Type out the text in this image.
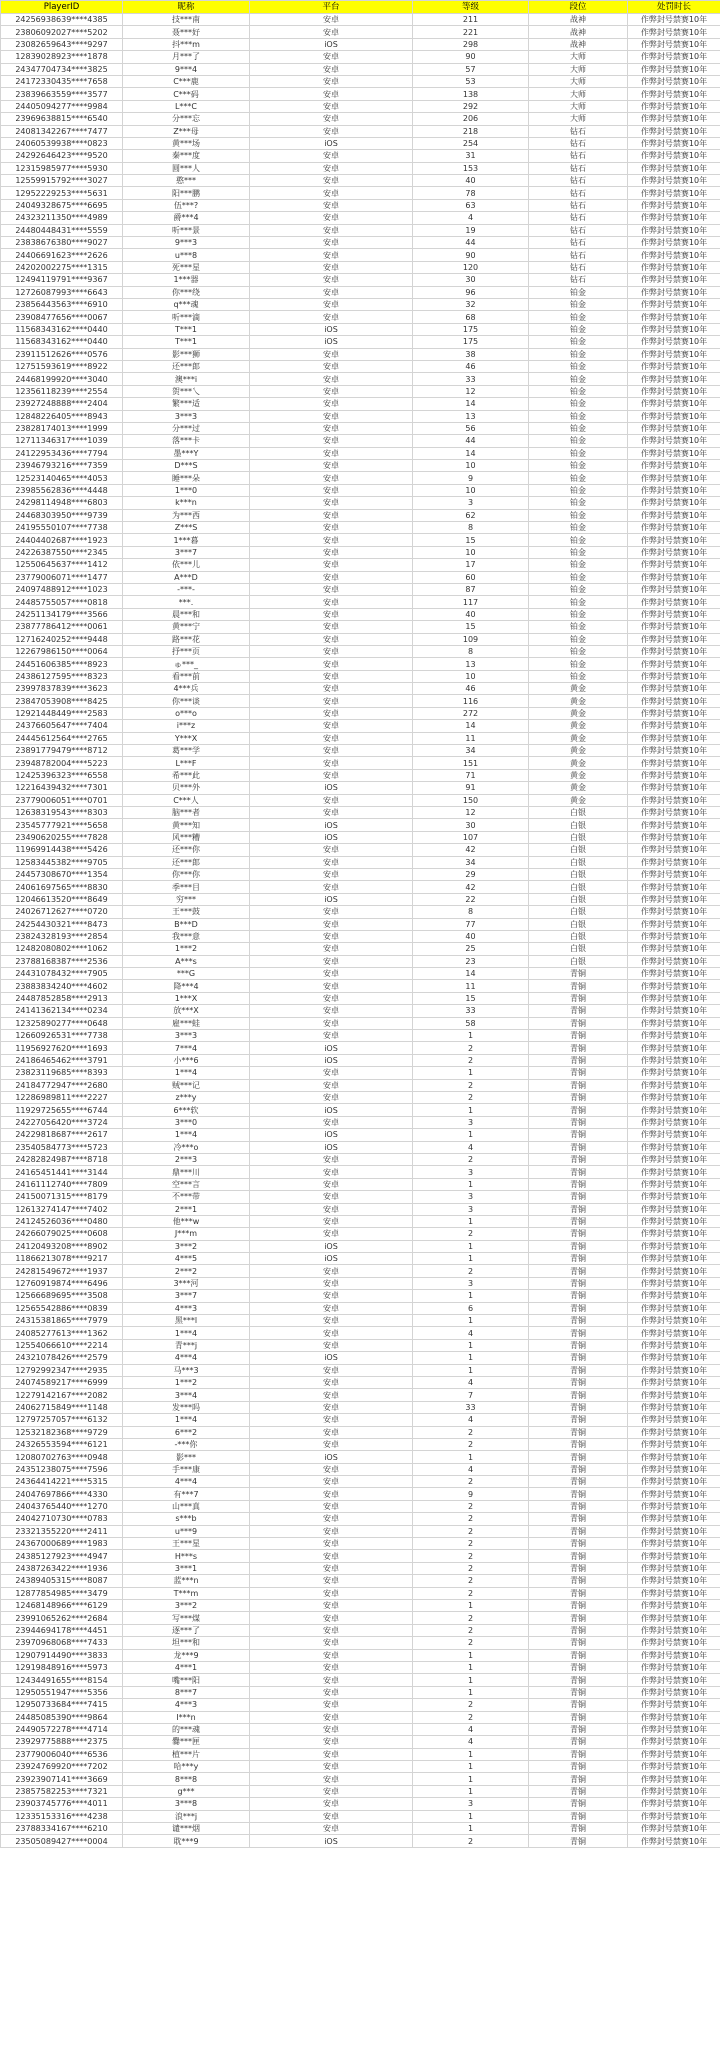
PlayerID	昵称	平台	等级	段位	处罚时长
24256938639****4385	技***南	安卓	211	战神	作弊封号禁赛10年
23806092027****5202	聂***好	安卓	221	战神	作弊封号禁赛10年
23082659643****9297	抖***m	iOS	298	战神	作弊封号禁赛10年
12839028923****1878	月***了	安卓	90	大师	作弊封号禁赛10年
24347704734****3825	9***4	安卓	57	大师	作弊封号禁赛10年
24172330435****7658	C***鹿	安卓	53	大师	作弊封号禁赛10年
23839663559****3577	C***码	安卓	138	大师	作弊封号禁赛10年
24405094277****9984	L***C	安卓	292	大师	作弊封号禁赛10年
23969638815****6540	分***忘	安卓	206	大师	作弊封号禁赛10年
24081342267****7477	Z***母	安卓	218	钻石	作弊封号禁赛10年
24060539938****0823	黄***场	iOS	254	钻石	作弊封号禁赛10年
24292646423****9520	秦***度	安卓	31	钻石	作弊封号禁赛10年
12315985977****5930	圆***人	安卓	153	钻石	作弊封号禁赛10年
12559915792****3027	憨***	安卓	40	钻石	作弊封号禁赛10年
12952229253****5631	阳***鹏	安卓	78	钻石	作弊封号禁赛10年
24049328675****6695	伍***?	安卓	63	钻石	作弊封号禁赛10年
24323211350****4989	爵***4	安卓	4	钻石	作弊封号禁赛10年
24480448431****5559	听***景	安卓	19	钻石	作弊封号禁赛10年
23838676380****9027	9***3	安卓	44	钻石	作弊封号禁赛10年
24406691623****2626	u***8	安卓	90	钻石	作弊封号禁赛10年
24202002275****1315	死***星	安卓	120	钻石	作弊封号禁赛10年
12494119791****9367	1***器	安卓	30	钻石	作弊封号禁赛10年
12726087993****6643	你***绕	安卓	96	铂金	作弊封号禁赛10年
23856443563****6910	q***魂	安卓	32	铂金	作弊封号禁赛10年
23908477656****0067	听***滴	安卓	68	铂金	作弊封号禁赛10年
11568343162****0440	T***1	iOS	175	铂金	作弊封号禁赛10年
11568343162****0440	T***1	iOS	175	铂金	作弊封号禁赛10年
23911512626****0576	影***狮	安卓	38	铂金	作弊封号禁赛10年
12751593619****8922	还***郎	安卓	46	铂金	作弊封号禁赛10年
24468199920****3040	澳***i	安卓	33	铂金	作弊封号禁赛10年
12356118239****2554	贺***乀	安卓	12	铂金	作弊封号禁赛10年
23927248888****2404	繁***适	安卓	14	铂金	作弊封号禁赛10年
12848226405****8943	3***3	安卓	13	铂金	作弊封号禁赛10年
23828174013****1999	分***过	安卓	56	铂金	作弊封号禁赛10年
12711346317****1039	落***卡	安卓	44	铂金	作弊封号禁赛10年
24122953436****7794	墨***Y	安卓	14	铂金	作弊封号禁赛10年
23946793216****7359	D***S	安卓	10	铂金	作弊封号禁赛10年
12523140465****4053	睡***朵	安卓	9	铂金	作弊封号禁赛10年
23985562836****4448	1***0	安卓	10	铂金	作弊封号禁赛10年
24298114948****6803	k***n	安卓	3	铂金	作弊封号禁赛10年
24468303950****9739	为***西	安卓	62	铂金	作弊封号禁赛10年
24195550107****7738	Z***S	安卓	8	铂金	作弊封号禁赛10年
24404402687****1923	1***暮	安卓	15	铂金	作弊封号禁赛10年
24226387550****2345	3***7	安卓	10	铂金	作弊封号禁赛10年
12550645637****1412	依***儿	安卓	17	铂金	作弊封号禁赛10年
23779006071****1477	A***D	安卓	60	铂金	作弊封号禁赛10年
24097488912****1023	-***-	安卓	87	铂金	作弊封号禁赛10年
24485755057****0818	***.	安卓	117	铂金	作弊封号禁赛10年
24251134179****3566	晨***和	安卓	40	铂金	作弊封号禁赛10年
23877786412****0061	黄***宁	安卓	15	铂金	作弊封号禁赛10年
12716240252****9448	路***花	安卓	109	铂金	作弊封号禁赛10年
12267986150****0064	抒***页	安卓	8	铂金	作弊封号禁赛10年
24451606385****8923	ゅ***_	安卓	13	铂金	作弊封号禁赛10年
24386127595****8323	看***前	安卓	10	铂金	作弊封号禁赛10年
23997837839****3623	4***兵	安卓	46	黄金	作弊封号禁赛10年
23847053908****8425	你***谈	安卓	116	黄金	作弊封号禁赛10年
12921448449****2583	o***o	安卓	272	黄金	作弊封号禁赛10年
24376605647****7404	i***z	安卓	14	黄金	作弊封号禁赛10年
24445612564****2765	Y***X	安卓	11	黄金	作弊封号禁赛10年
23891779479****8712	葛***学	安卓	34	黄金	作弊封号禁赛10年
23948782004****5223	L***F	安卓	151	黄金	作弊封号禁赛10年
12425396323****6558	希***此	安卓	71	黄金	作弊封号禁赛10年
12216439432****7301	贝***外	iOS	91	黄金	作弊封号禁赛10年
23779006051****0701	C***人	安卓	150	黄金	作弊封号禁赛10年
12638319543****8303	脑***者	安卓	12	白银	作弊封号禁赛10年
23545777921****5658	黄***知	iOS	30	白银	作弊封号禁赛10年
23490620255****7828	风***糟	iOS	107	白银	作弊封号禁赛10年
11969914438****5426	还***你	安卓	42	白银	作弊封号禁赛10年
12583445382****9705	还***郎	安卓	34	白银	作弊封号禁赛10年
24457308670****1354	你***你	安卓	29	白银	作弊封号禁赛10年
24061697565****8830	季***目	安卓	42	白银	作弊封号禁赛10年
12046613520****8649	穷***	iOS	22	白银	作弊封号禁赛10年
24026712627****0720	王***鼓	安卓	8	白银	作弊封号禁赛10年
24254430321****8473	B***D	安卓	77	白银	作弊封号禁赛10年
23824328193****2854	我***意	安卓	40	白银	作弊封号禁赛10年
12482080802****1062	1***2	安卓	25	白银	作弊封号禁赛10年
23788168387****2536	A***s	安卓	23	白银	作弊封号禁赛10年
24431078432****7905	***G	安卓	14	青铜	作弊封号禁赛10年
23883834240****4602	降***4	安卓	11	青铜	作弊封号禁赛10年
24487852858****2913	1***X	安卓	15	青铜	作弊封号禁赛10年
24141362134****0234	放***X	安卓	33	青铜	作弊封号禁赛10年
12325890277****0648	雇***蛙	安卓	58	青铜	作弊封号禁赛10年
12660926531****7738	3***3	安卓	1	青铜	作弊封号禁赛10年
11956927620****1693	7***4	iOS	2	青铜	作弊封号禁赛10年
24186465462****3791	小***6	iOS	2	青铜	作弊封号禁赛10年
23823119685****8393	1***4	安卓	1	青铜	作弊封号禁赛10年
24184772947****2680	贼***记	安卓	2	青铜	作弊封号禁赛10年
12286989811****2227	z***y	安卓	2	青铜	作弊封号禁赛10年
11929725655****6744	6***软	iOS	1	青铜	作弊封号禁赛10年
24227056420****3724	3***0	安卓	3	青铜	作弊封号禁赛10年
24229818687****2617	1***4	iOS	1	青铜	作弊封号禁赛10年
23540584773****5723	冷***o	iOS	4	青铜	作弊封号禁赛10年
24282824987****8718	2***3	安卓	2	青铜	作弊封号禁赛10年
24165451441****3144	鼎***川	安卓	3	青铜	作弊封号禁赛10年
24161112740****7809	空***言	安卓	1	青铜	作弊封号禁赛10年
24150071315****8179	不***带	安卓	3	青铜	作弊封号禁赛10年
12613274147****7402	2***1	安卓	3	青铜	作弊封号禁赛10年
24124526036****0480	他***w	安卓	1	青铜	作弊封号禁赛10年
24266079025****0608	J***m	安卓	2	青铜	作弊封号禁赛10年
24120493208****8902	3***2	iOS	1	青铜	作弊封号禁赛10年
11866213078****9217	4***5	iOS	1	青铜	作弊封号禁赛10年
24281549672****1937	2***2	安卓	2	青铜	作弊封号禁赛10年
12760919874****6496	3***河	安卓	3	青铜	作弊封号禁赛10年
12566689695****3508	3***7	安卓	1	青铜	作弊封号禁赛10年
12565542886****0839	4***3	安卓	6	青铜	作弊封号禁赛10年
24315381865****7979	黑***l	安卓	1	青铜	作弊封号禁赛10年
24085277613****1362	1***4	安卓	4	青铜	作弊封号禁赛10年
12554066610****2214	青***j	安卓	1	青铜	作弊封号禁赛10年
24321078426****2579	4***4	iOS	1	青铜	作弊封号禁赛10年
12792992347****2935	马***3	安卓	1	青铜	作弊封号禁赛10年
24074589217****6999	1***2	安卓	4	青铜	作弊封号禁赛10年
12279142167****2082	3***4	安卓	7	青铜	作弊封号禁赛10年
24062715849****1148	发***吗	安卓	33	青铜	作弊封号禁赛10年
12797257057****6132	1***4	安卓	4	青铜	作弊封号禁赛10年
12532182368****9729	6***2	安卓	2	青铜	作弊封号禁赛10年
24326553594****6121	-***你	安卓	2	青铜	作弊封号禁赛10年
12080702763****0948	影***	iOS	1	青铜	作弊封号禁赛10年
24351238075****7596	手***康	安卓	4	青铜	作弊封号禁赛10年
24364414221****5315	4***4	安卓	2	青铜	作弊封号禁赛10年
24047697866****4330	有***7	安卓	9	青铜	作弊封号禁赛10年
24043765440****1270	山***真	安卓	2	青铜	作弊封号禁赛10年
24042710730****0783	s***b	安卓	2	青铜	作弊封号禁赛10年
23321355220****2411	u***9	安卓	2	青铜	作弊封号禁赛10年
24367000689****1983	王***星	安卓	2	青铜	作弊封号禁赛10年
24385127923****4947	H***s	安卓	2	青铜	作弊封号禁赛10年
24387263422****1936	3***1	安卓	2	青铜	作弊封号禁赛10年
24389405315****8087	蓝***n	安卓	2	青铜	作弊封号禁赛10年
12877854985****3479	T***m	安卓	2	青铜	作弊封号禁赛10年
12468148966****6129	3***2	安卓	1	青铜	作弊封号禁赛10年
23991065262****2684	写***煤	安卓	2	青铜	作弊封号禁赛10年
23944694178****4451	逐***了	安卓	2	青铜	作弊封号禁赛10年
23970968068****7433	坦***和	安卓	2	青铜	作弊封号禁赛10年
12907914490****3833	龙***9	安卓	1	青铜	作弊封号禁赛10年
12919848916****5973	4***1	安卓	1	青铜	作弊封号禁赛10年
12434491655****8154	嘴***阳	安卓	1	青铜	作弊封号禁赛10年
12950551947****5356	8***7	安卓	1	青铜	作弊封号禁赛10年
12950733684****7415	4***3	安卓	2	青铜	作弊封号禁赛10年
24485085390****9864	I***n	安卓	2	青铜	作弊封号禁赛10年
24490572278****4714	的***魂	安卓	4	青铜	作弊封号禁赛10年
23929775888****2375	爨***匣	安卓	4	青铜	作弊封号禁赛10年
23779006040****6536	植***片	安卓	1	青铜	作弊封号禁赛10年
23924769920****7202	哈***y	安卓	1	青铜	作弊封号禁赛10年
23923907141****3669	8***8	安卓	1	青铜	作弊封号禁赛10年
23857582253****7321	g***	安卓	1	青铜	作弊封号禁赛10年
23903745776****4011	3***8	安卓	3	青铜	作弊封号禁赛10年
12335153316****4238	浪***j	安卓	1	青铜	作弊封号禁赛10年
23788334167****6210	谴***烟	安卓	1	青铜	作弊封号禁赛10年
23505089427****0004	耽***9	iOS	2	青铜	作弊封号禁赛10年
